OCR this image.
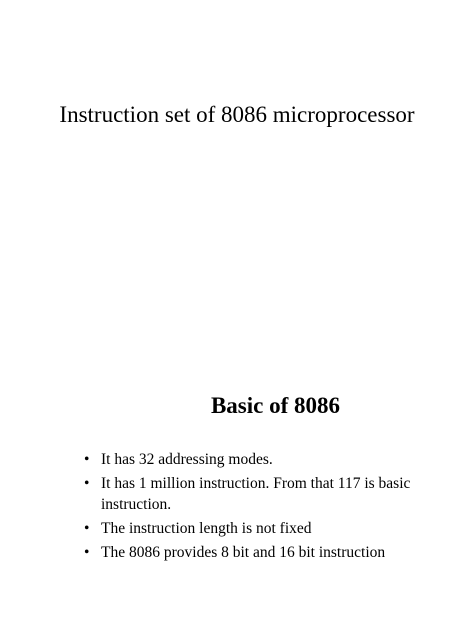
Instruction set of 8086 microprocessor
Basic of 8086
• It has 32 addressing modes.
• It has 1 million instruction. From that 117 is basic instruction.
• The instruction length is not fixed
• The 8086 provides 8 bit and 16 bit instruction
